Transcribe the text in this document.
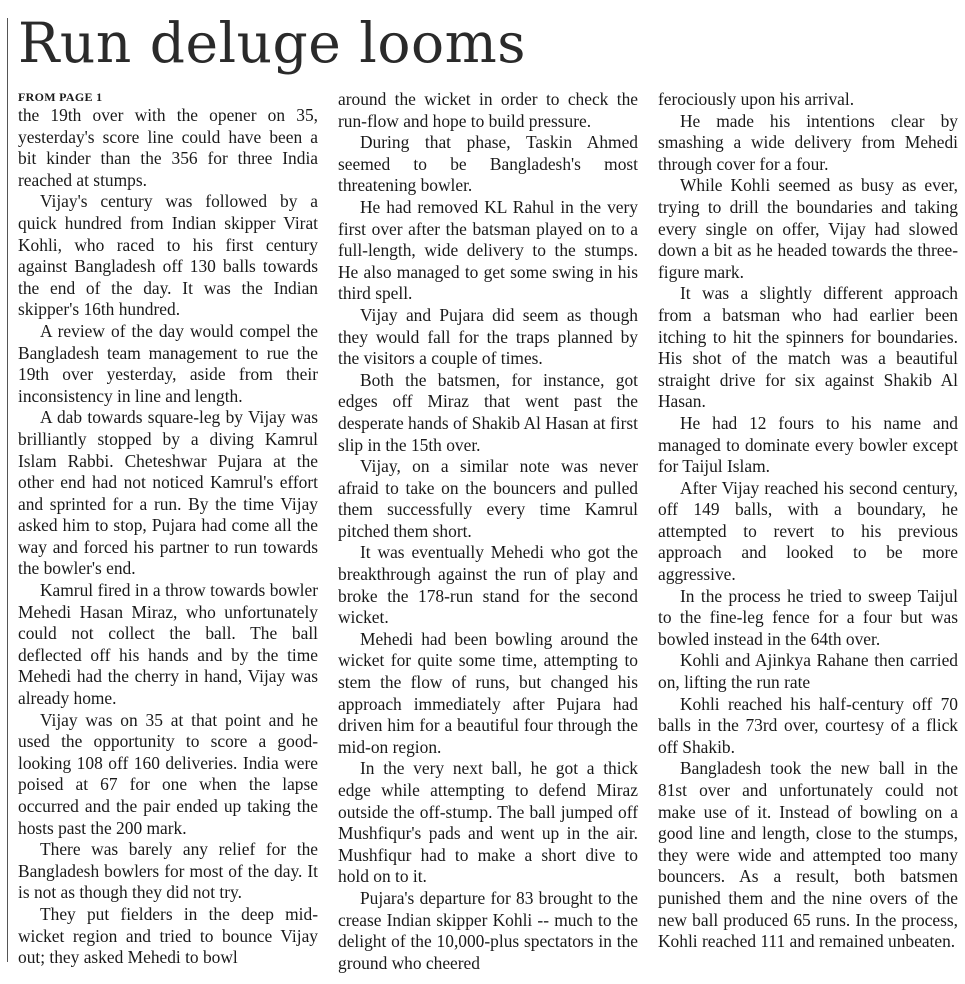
Run deluge looms
FROM PAGE 1

the 19th over with the opener on 35, yesterday's score line could have been a bit kinder than the 356 for three India reached at stumps.

Vijay's century was followed by a quick hundred from Indian skipper Virat Kohli, who raced to his first century against Bangladesh off 130 balls towards the end of the day. It was the Indian skipper's 16th hundred.

A review of the day would compel the Bangladesh team management to rue the 19th over yesterday, aside from their inconsistency in line and length.

A dab towards square-leg by Vijay was brilliantly stopped by a diving Kamrul Islam Rabbi. Cheteshwar Pujara at the other end had not noticed Kamrul's effort and sprinted for a run. By the time Vijay asked him to stop, Pujara had come all the way and forced his partner to run towards the bowler's end.

Kamrul fired in a throw towards bowler Mehedi Hasan Miraz, who unfortunately could not collect the ball. The ball deflected off his hands and by the time Mehedi had the cherry in hand, Vijay was already home.

Vijay was on 35 at that point and he used the opportunity to score a good-looking 108 off 160 deliveries. India were poised at 67 for one when the lapse occurred and the pair ended up taking the hosts past the 200 mark.

There was barely any relief for the Bangladesh bowlers for most of the day. It is not as though they did not try.

They put fielders in the deep mid-wicket region and tried to bounce Vijay out; they asked Mehedi to bowl

around the wicket in order to check the run-flow and hope to build pressure.

During that phase, Taskin Ahmed seemed to be Bangladesh's most threatening bowler.

He had removed KL Rahul in the very first over after the batsman played on to a full-length, wide delivery to the stumps. He also managed to get some swing in his third spell.

Vijay and Pujara did seem as though they would fall for the traps planned by the visitors a couple of times.

Both the batsmen, for instance, got edges off Miraz that went past the desperate hands of Shakib Al Hasan at first slip in the 15th over.

Vijay, on a similar note was never afraid to take on the bouncers and pulled them successfully every time Kamrul pitched them short.

It was eventually Mehedi who got the breakthrough against the run of play and broke the 178-run stand for the second wicket.

Mehedi had been bowling around the wicket for quite some time, attempting to stem the flow of runs, but changed his approach immediately after Pujara had driven him for a beautiful four through the mid-on region.

In the very next ball, he got a thick edge while attempting to defend Miraz outside the off-stump. The ball jumped off Mushfiqur's pads and went up in the air. Mushfiqur had to make a short dive to hold on to it.

Pujara's departure for 83 brought to the crease Indian skipper Kohli -- much to the delight of the 10,000-plus spectators in the ground who cheered

ferociously upon his arrival.

He made his intentions clear by smashing a wide delivery from Mehedi through cover for a four.

While Kohli seemed as busy as ever, trying to drill the boundaries and taking every single on offer, Vijay had slowed down a bit as he headed towards the three-figure mark.

It was a slightly different approach from a batsman who had earlier been itching to hit the spinners for boundaries. His shot of the match was a beautiful straight drive for six against Shakib Al Hasan.

He had 12 fours to his name and managed to dominate every bowler except for Taijul Islam.

After Vijay reached his second century, off 149 balls, with a boundary, he attempted to revert to his previous approach and looked to be more aggressive.

In the process he tried to sweep Taijul to the fine-leg fence for a four but was bowled instead in the 64th over.

Kohli and Ajinkya Rahane then carried on, lifting the run rate

Kohli reached his half-century off 70 balls in the 73rd over, courtesy of a flick off Shakib.

Bangladesh took the new ball in the 81st over and unfortunately could not make use of it. Instead of bowling on a good line and length, close to the stumps, they were wide and attempted too many bouncers. As a result, both batsmen punished them and the nine overs of the new ball produced 65 runs. In the process, Kohli reached 111 and remained unbeaten.
